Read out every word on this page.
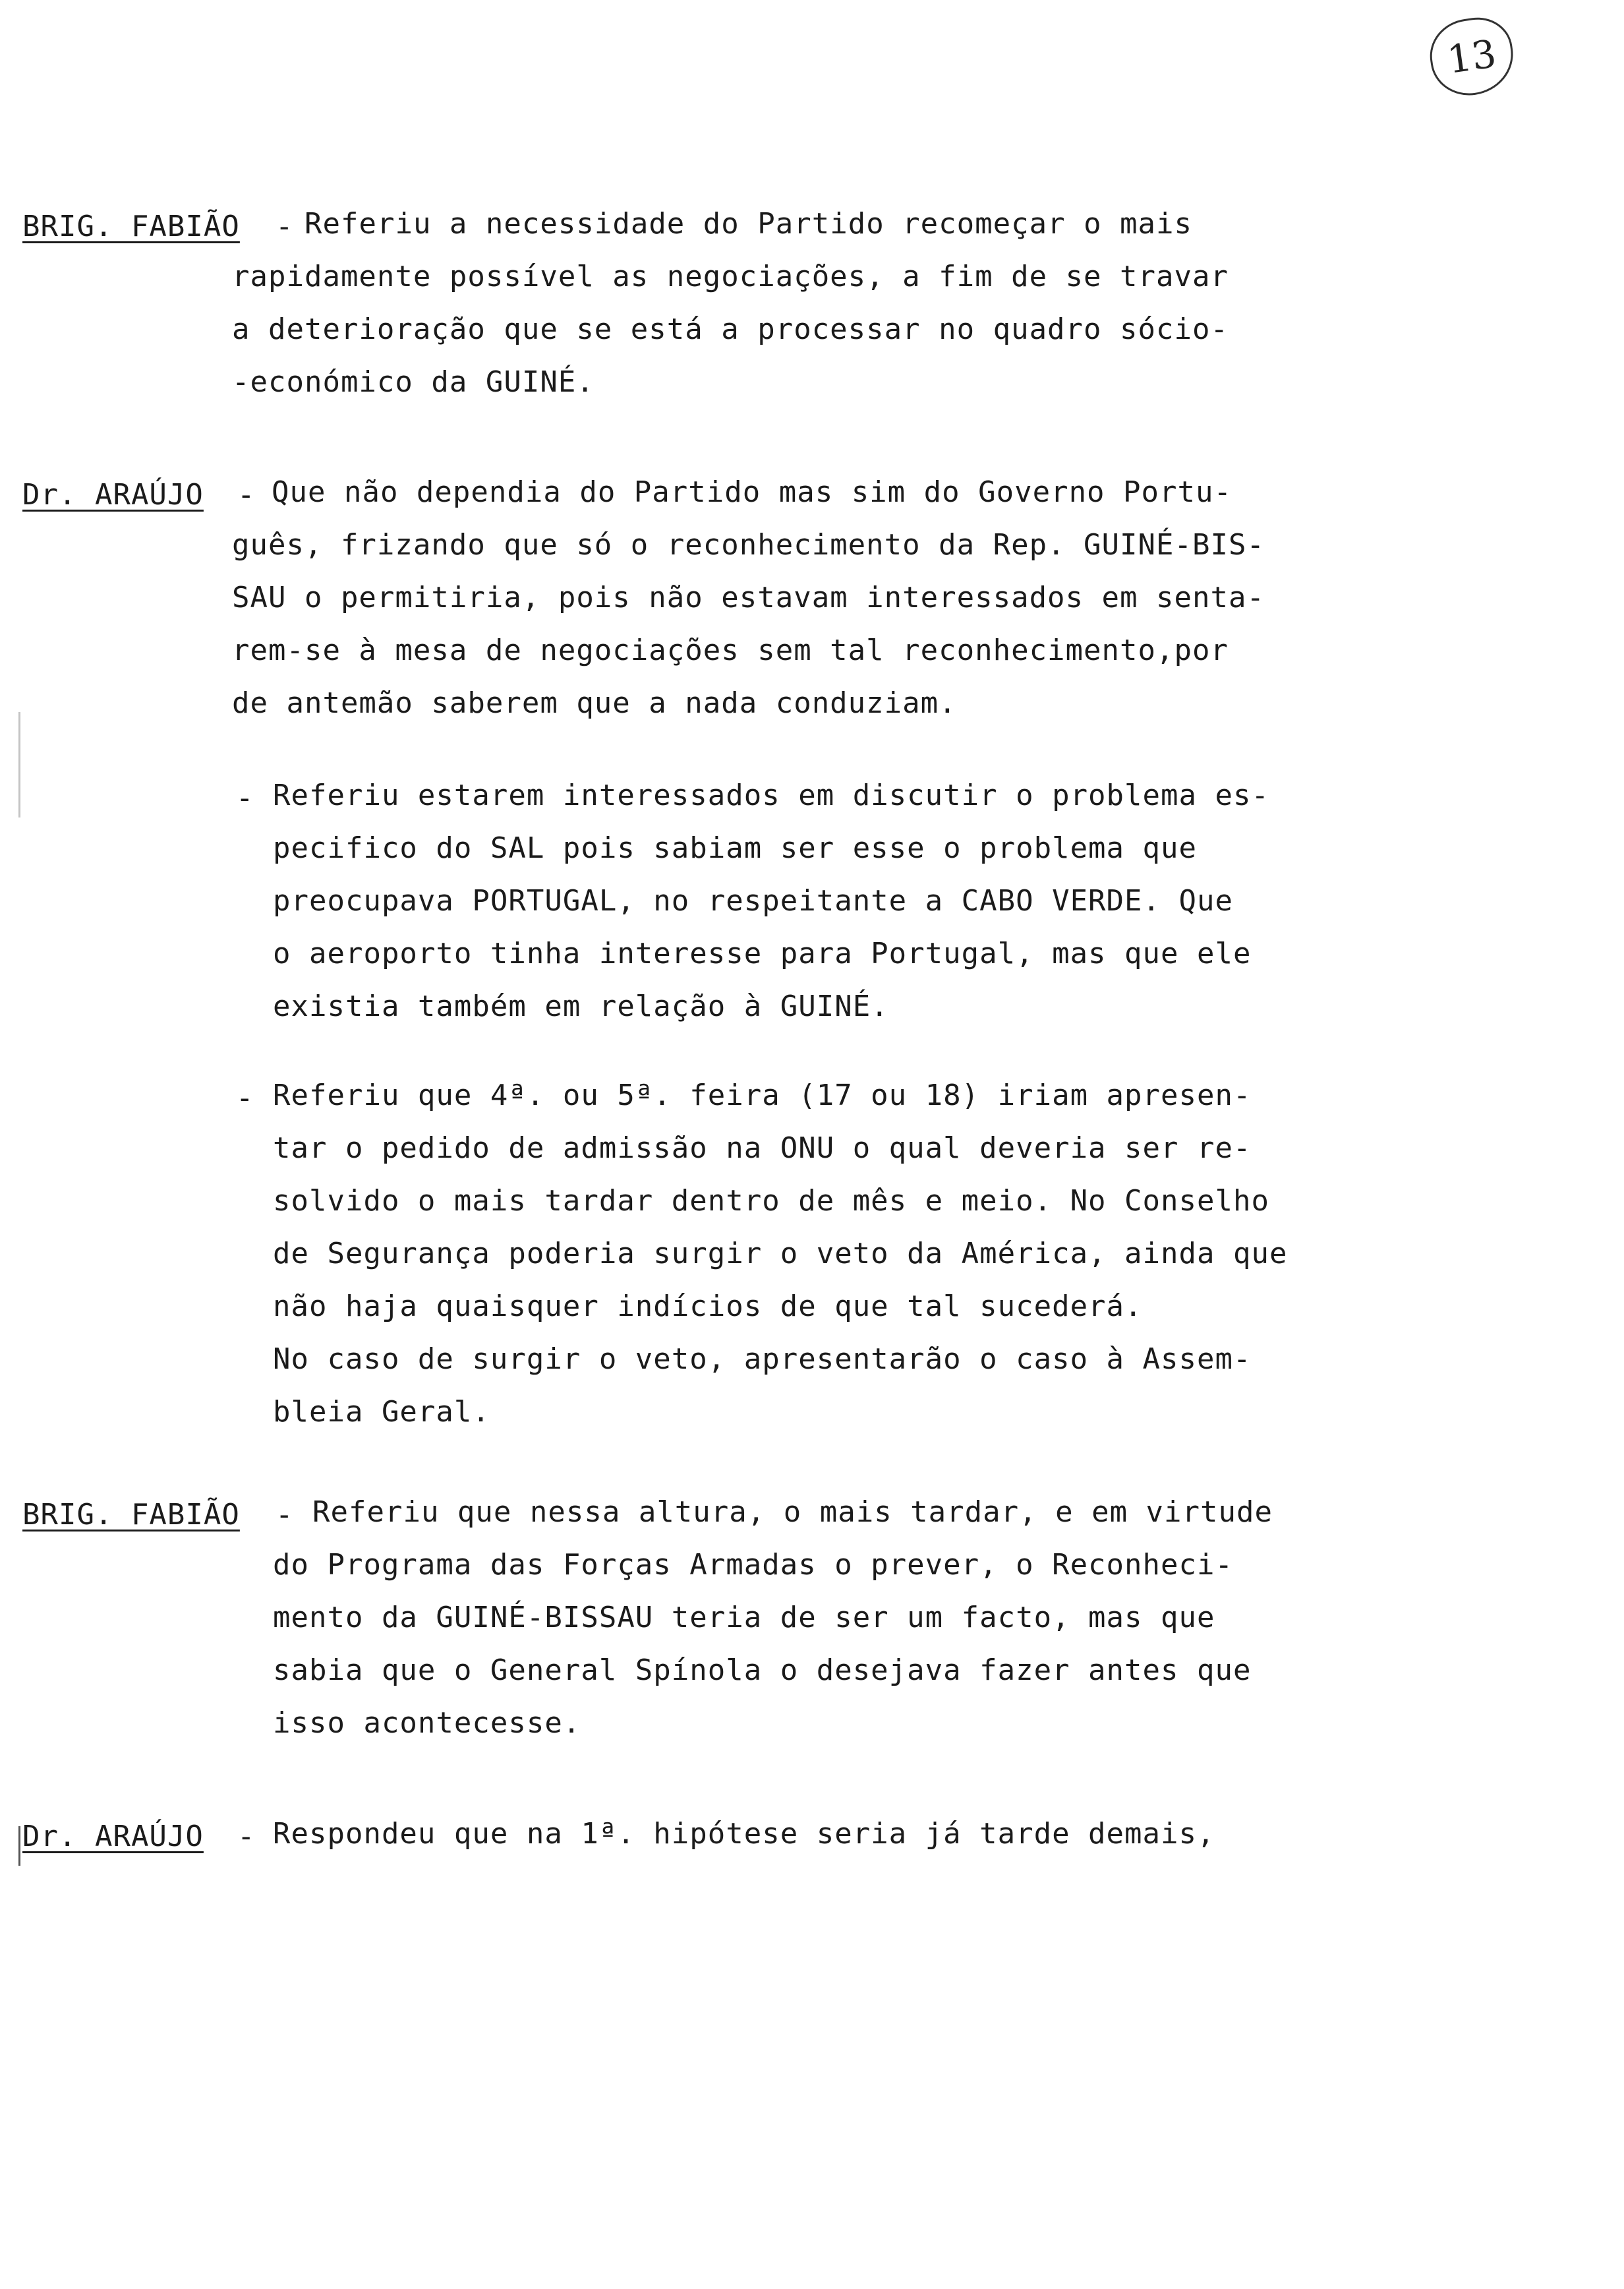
13
BRIG. FABIÃO - Referiu a necessidade do Partido recomeçar o mais
rapidamente possível as negociações, a fim de se travar
a deterioração que se está a processar no quadro sócio-
-económico da GUINÉ.
Dr. ARAÚJO - Que não dependia do Partido mas sim do Governo Portu-
guês, frizando que só o reconhecimento da Rep. GUINÉ-BIS-
SAU o permitiria, pois não estavam interessados em senta-
rem-se à mesa de negociações sem tal reconhecimento,por
de antemão saberem que a nada conduziam.
- Referiu estarem interessados em discutir o problema es-
pecifico do SAL pois sabiam ser esse o problema que
preocupava PORTUGAL, no respeitante a CABO VERDE. Que
o aeroporto tinha interesse para Portugal, mas que ele
existia também em relação à GUINÉ.
- Referiu que 4ª. ou 5ª. feira (17 ou 18) iriam apresen-
tar o pedido de admissão na ONU o qual deveria ser re-
solvido o mais tardar dentro de mês e meio. No Conselho
de Segurança poderia surgir o veto da América, ainda que
não haja quaisquer indícios de que tal sucederá.
No caso de surgir o veto, apresentarão o caso à Assem-
bleia Geral.
BRIG. FABIÃO - Referiu que nessa altura, o mais tardar, e em virtude
do Programa das Forças Armadas o prever, o Reconheci-
mento da GUINÉ-BISSAU teria de ser um facto, mas que
sabia que o General Spínola o desejava fazer antes que
isso acontecesse.
Dr. ARAÚJO - Respondeu que na 1ª. hipótese seria já tarde demais,
